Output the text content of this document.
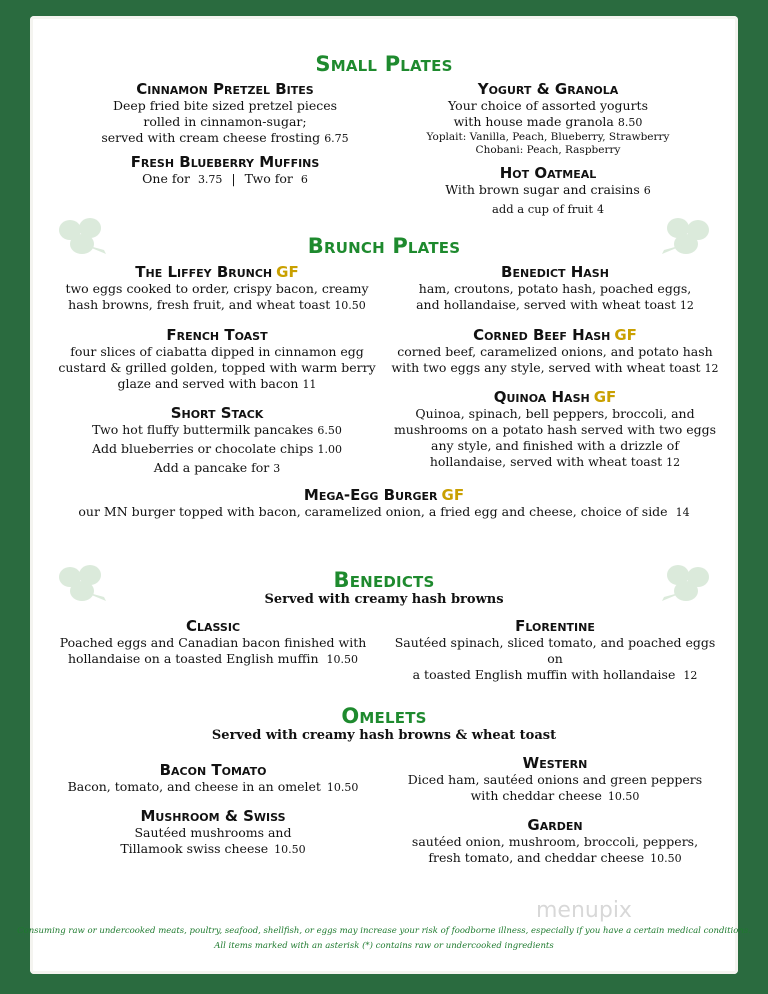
Small Plates
Cinnamon Pretzel Bites
Deep fried bite sized pretzel pieces
rolled in cinnamon-sugar;
served with cream cheese frosting 6.75
Fresh Blueberry Muffins
One for 3.75 | Two for 6
Yogurt & Granola
Your choice of assorted yogurts
with house made granola 8.50
Yoplait: Vanilla, Peach, Blueberry, Strawberry
Chobani: Peach, Raspberry
Hot Oatmeal
With brown sugar and craisins 6
add a cup of fruit 4
Brunch Plates
The Liffey Brunch GF
two eggs cooked to order, crispy bacon, creamy
hash browns, fresh fruit, and wheat toast 10.50
Benedict Hash
ham, croutons, potato hash, poached eggs,
and hollandaise, served with wheat toast 12
French Toast
four slices of ciabatta dipped in cinnamon egg
custard & grilled golden, topped with warm berry
glaze and served with bacon 11
Corned Beef Hash GF
corned beef, caramelized onions, and potato hash
with two eggs any style, served with wheat toast 12
Short Stack
Two hot fluffy buttermilk pancakes 6.50
Add blueberries or chocolate chips 1.00
Add a pancake for 3
Quinoa Hash GF
Quinoa, spinach, bell peppers, broccoli, and
mushrooms on a potato hash served with two eggs
any style, and finished with a drizzle of
hollandaise, served with wheat toast 12
Mega-Egg Burger GF
our MN burger topped with bacon, caramelized onion, a fried egg and cheese, choice of side 14
Benedicts
Served with creamy hash browns
Classic
Poached eggs and Canadian bacon finished with
hollandaise on a toasted English muffin 10.50
Florentine
Sautéed spinach, sliced tomato, and poached eggs on
a toasted English muffin with hollandaise 12
Omelets
Served with creamy hash browns & wheat toast
Bacon Tomato
Bacon, tomato, and cheese in an omelet 10.50
Mushroom & Swiss
Sautéed mushrooms and
Tillamook swiss cheese 10.50
Western
Diced ham, sautéed onions and green peppers
with cheddar cheese 10.50
Garden
sautéed onion, mushroom, broccoli, peppers,
fresh tomato, and cheddar cheese 10.50
menupix
Consuming raw or undercooked meats, poultry, seafood, shellfish, or eggs may increase your risk of foodborne illness, especially if you have a certain medical conditions.
All items marked with an asterisk (*) contains raw or undercooked ingredients
